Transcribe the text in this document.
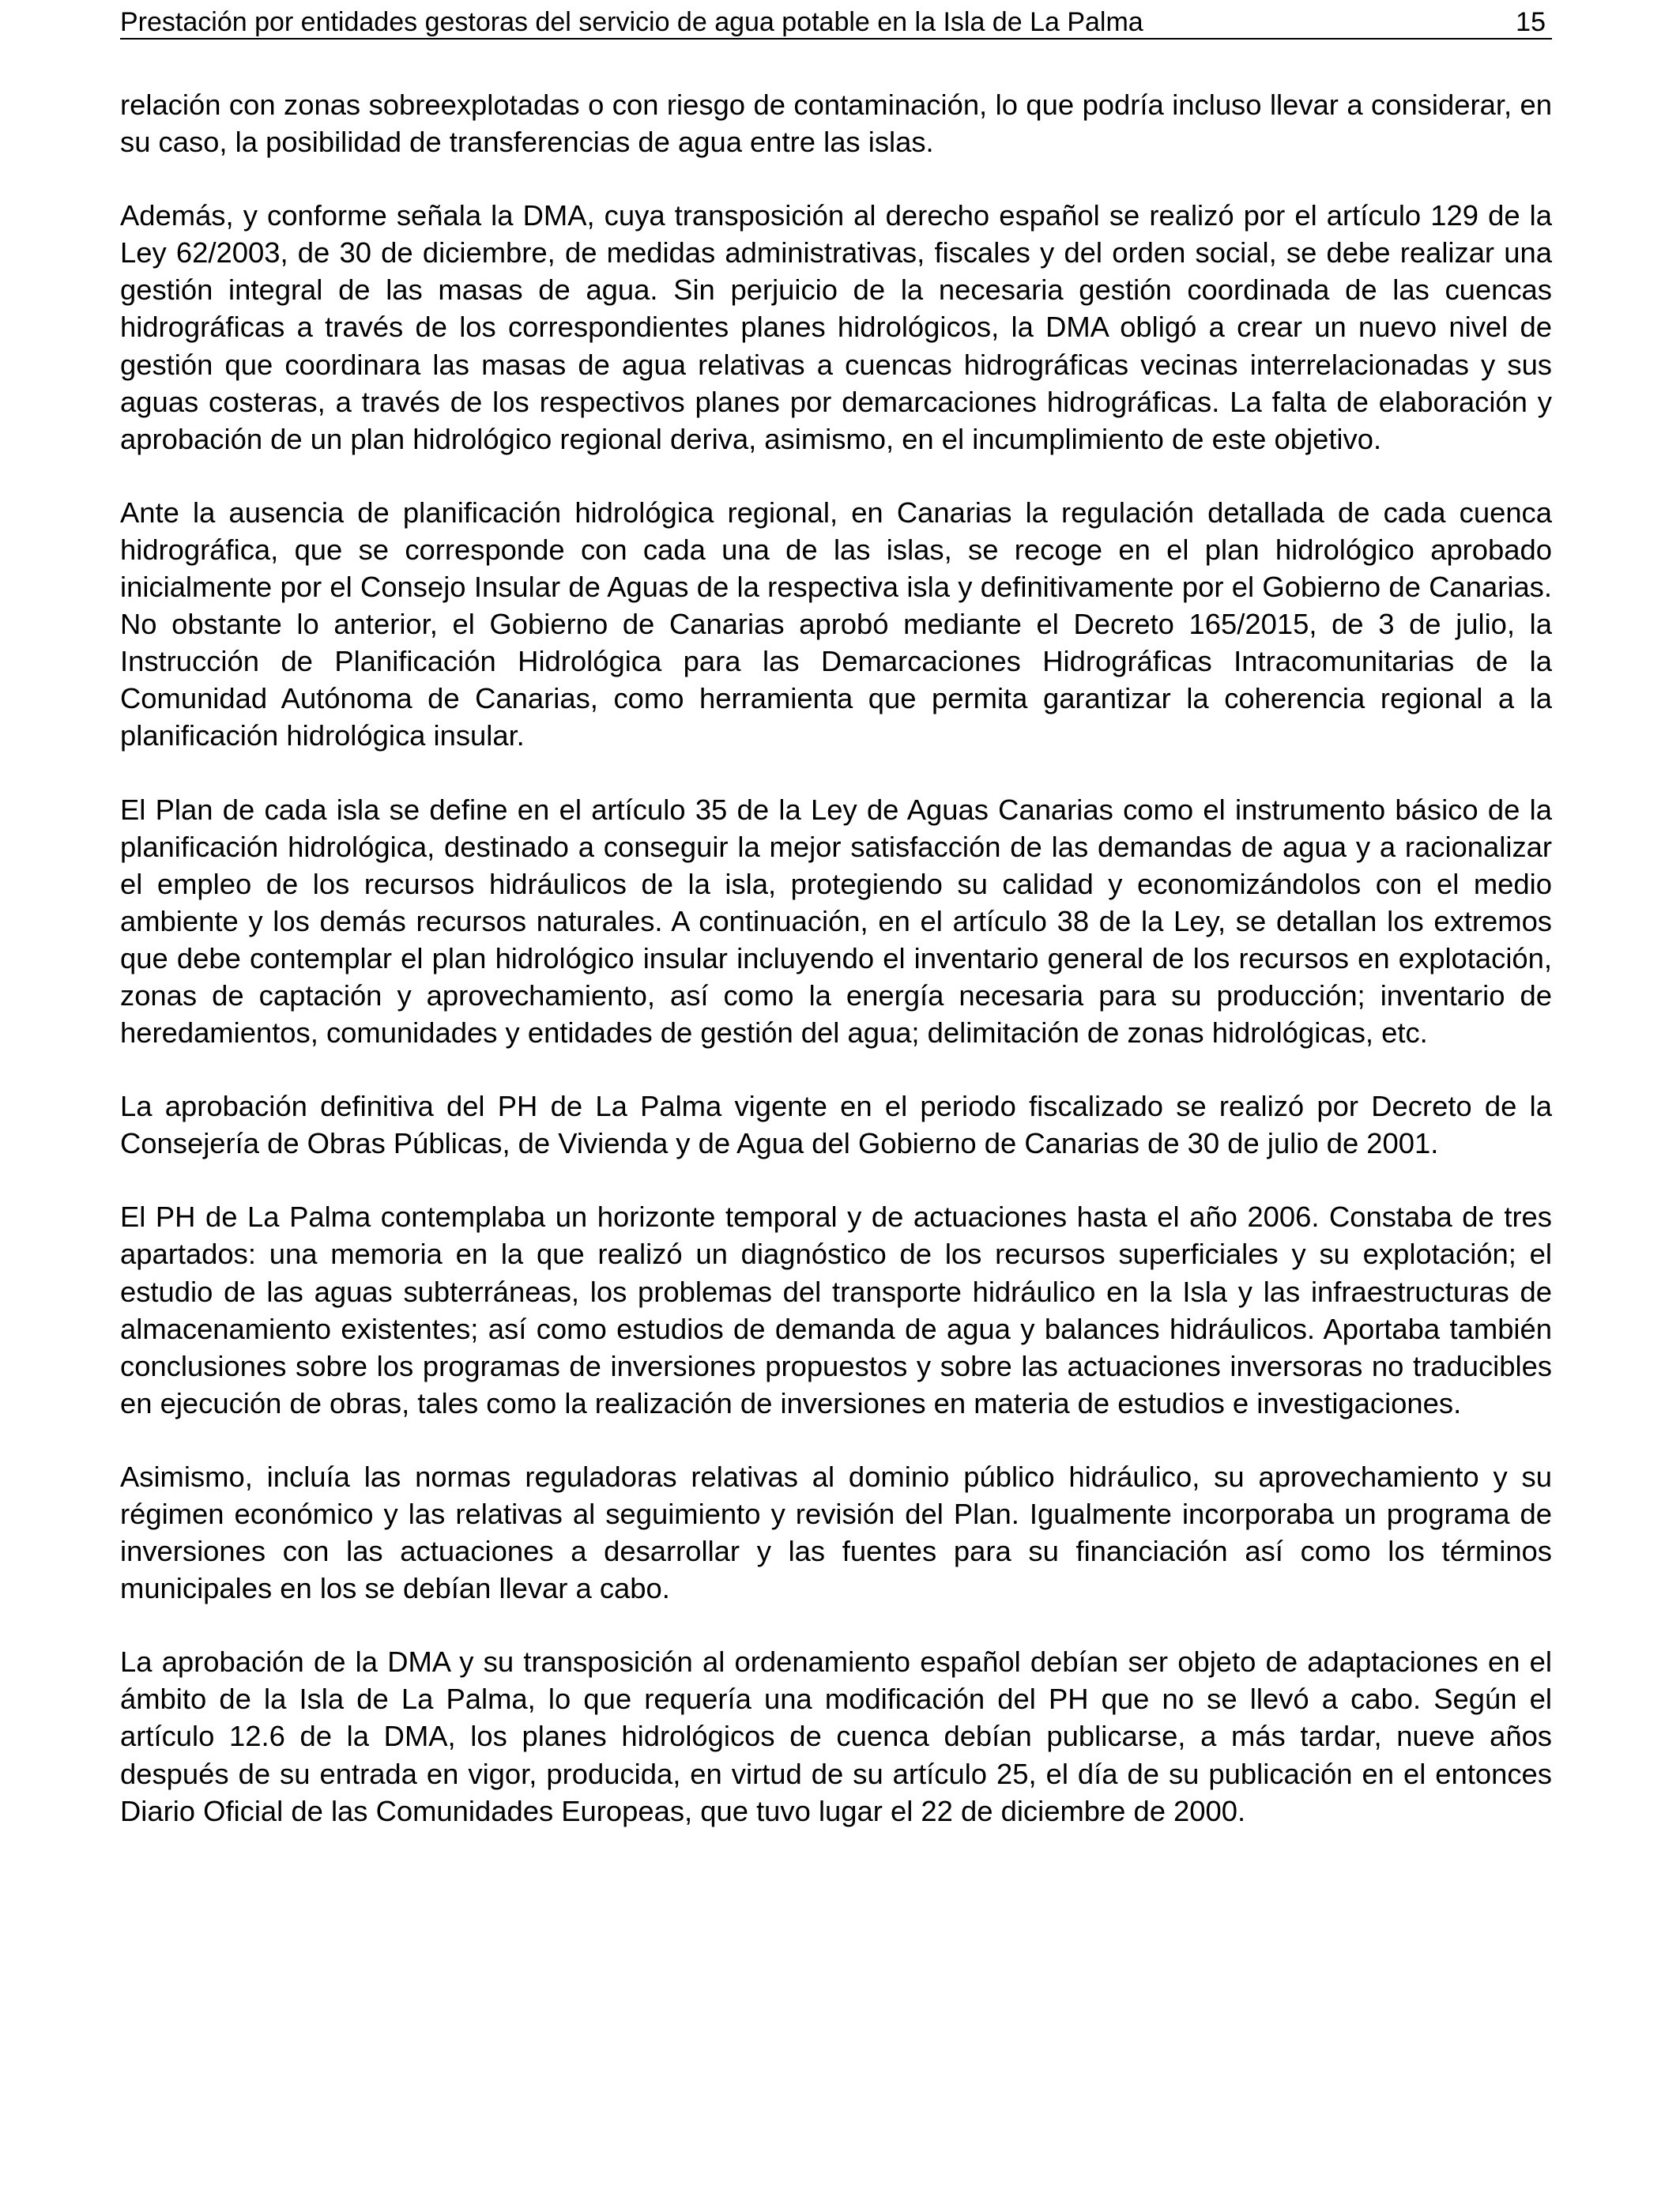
Prestación por entidades gestoras del servicio de agua potable en la Isla de La Palma	15

relación con zonas sobreexplotadas o con riesgo de contaminación, lo que podría incluso llevar a considerar, en su caso, la posibilidad de transferencias de agua entre las islas.

Además, y conforme señala la DMA, cuya transposición al derecho español se realizó por el artículo 129 de la Ley 62/2003, de 30 de diciembre, de medidas administrativas, fiscales y del orden social, se debe realizar una gestión integral de las masas de agua. Sin perjuicio de la necesaria gestión coordinada de las cuencas hidrográficas a través de los correspondientes planes hidrológicos, la DMA obligó a crear un nuevo nivel de gestión que coordinara las masas de agua relativas a cuencas hidrográficas vecinas interrelacionadas y sus aguas costeras, a través de los respectivos planes por demarcaciones hidrográficas. La falta de elaboración y aprobación de un plan hidrológico regional deriva, asimismo, en el incumplimiento de este objetivo.

Ante la ausencia de planificación hidrológica regional, en Canarias la regulación detallada de cada cuenca hidrográfica, que se corresponde con cada una de las islas, se recoge en el plan hidrológico aprobado inicialmente por el Consejo Insular de Aguas de la respectiva isla y definitivamente por el Gobierno de Canarias. No obstante lo anterior, el Gobierno de Canarias aprobó mediante el Decreto 165/2015, de 3 de julio, la Instrucción de Planificación Hidrológica para las Demarcaciones Hidrográficas Intracomunitarias de la Comunidad Autónoma de Canarias, como herramienta que permita garantizar la coherencia regional a la planificación hidrológica insular.

El Plan de cada isla se define en el artículo 35 de la Ley de Aguas Canarias como el instrumento básico de la planificación hidrológica, destinado a conseguir la mejor satisfacción de las demandas de agua y a racionalizar el empleo de los recursos hidráulicos de la isla, protegiendo su calidad y economizándolos con el medio ambiente y los demás recursos naturales. A continuación, en el artículo 38 de la Ley, se detallan los extremos que debe contemplar el plan hidrológico insular incluyendo el inventario general de los recursos en explotación, zonas de captación y aprovechamiento, así como la energía necesaria para su producción; inventario de heredamientos, comunidades y entidades de gestión del agua; delimitación de zonas hidrológicas, etc.

La aprobación definitiva del PH de La Palma vigente en el periodo fiscalizado se realizó por Decreto de la Consejería de Obras Públicas, de Vivienda y de Agua del Gobierno de Canarias de 30 de julio de 2001.

El PH de La Palma contemplaba un horizonte temporal y de actuaciones hasta el año 2006. Constaba de tres apartados: una memoria en la que realizó un diagnóstico de los recursos superficiales y su explotación; el estudio de las aguas subterráneas, los problemas del transporte hidráulico en la Isla y las infraestructuras de almacenamiento existentes; así como estudios de demanda de agua y balances hidráulicos. Aportaba también conclusiones sobre los programas de inversiones propuestos y sobre las actuaciones inversoras no traducibles en ejecución de obras, tales como la realización de inversiones en materia de estudios e investigaciones.

Asimismo, incluía las normas reguladoras relativas al dominio público hidráulico, su aprovechamiento y su régimen económico y las relativas al seguimiento y revisión del Plan. Igualmente incorporaba un programa de inversiones con las actuaciones a desarrollar y las fuentes para su financiación así como los términos municipales en los se debían llevar a cabo.

La aprobación de la DMA y su transposición al ordenamiento español debían ser objeto de adaptaciones en el ámbito de la Isla de La Palma, lo que requería una modificación del PH que no se llevó a cabo. Según el artículo 12.6 de la DMA, los planes hidrológicos de cuenca debían publicarse, a más tardar, nueve años después de su entrada en vigor, producida, en virtud de su artículo 25, el día de su publicación en el entonces Diario Oficial de las Comunidades Europeas, que tuvo lugar el 22 de diciembre de 2000.
